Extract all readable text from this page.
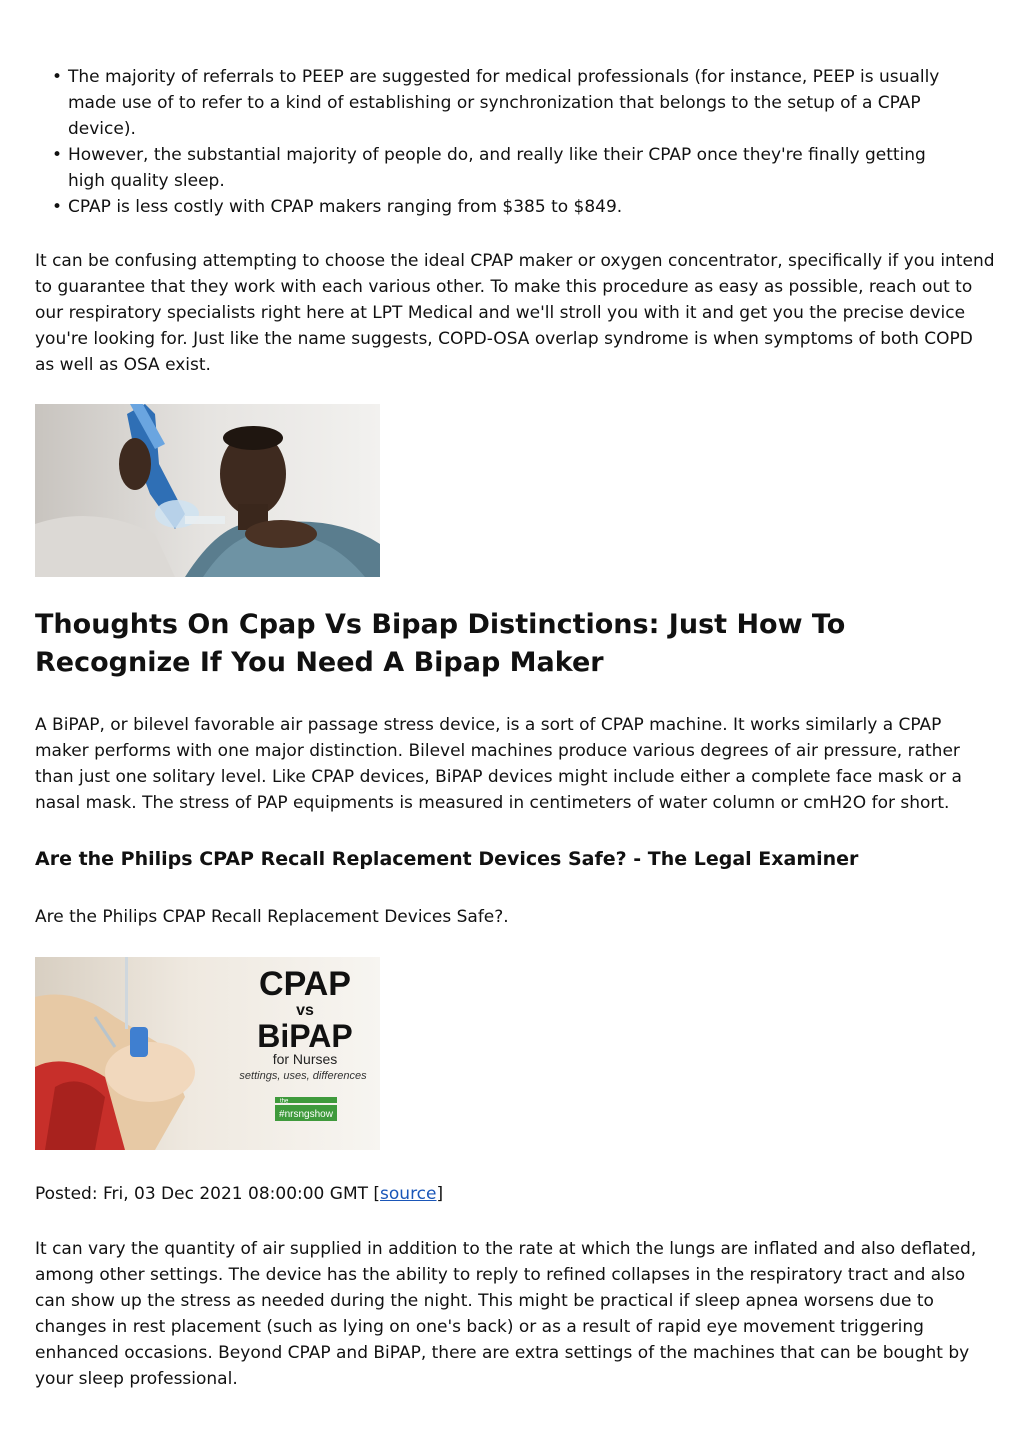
• The majority of referrals to PEEP are suggested for medical professionals (for instance, PEEP is usually made use of to refer to a kind of establishing or synchronization that belongs to the setup of a CPAP device).
• However, the substantial majority of people do, and really like their CPAP once they're finally getting high quality sleep.
• CPAP is less costly with CPAP makers ranging from $385 to $849.

It can be confusing attempting to choose the ideal CPAP maker or oxygen concentrator, specifically if you intend to guarantee that they work with each various other. To make this procedure as easy as possible, reach out to our respiratory specialists right here at LPT Medical and we'll stroll you with it and get you the precise device you're looking for. Just like the name suggests, COPD-OSA overlap syndrome is when symptoms of both COPD as well as OSA exist.

Thoughts On Cpap Vs Bipap Distinctions: Just How To Recognize If You Need A Bipap Maker

A BiPAP, or bilevel favorable air passage stress device, is a sort of CPAP machine. It works similarly a CPAP maker performs with one major distinction. Bilevel machines produce various degrees of air pressure, rather than just one solitary level. Like CPAP devices, BiPAP devices might include either a complete face mask or a nasal mask. The stress of PAP equipments is measured in centimeters of water column or cmH2O for short.

Are the Philips CPAP Recall Replacement Devices Safe? - The Legal Examiner

Are the Philips CPAP Recall Replacement Devices Safe?.

CPAP
vs
BiPAP
for Nurses
settings, uses, differences
the
#nrsngshow

Posted: Fri, 03 Dec 2021 08:00:00 GMT [source]

It can vary the quantity of air supplied in addition to the rate at which the lungs are inflated and also deflated, among other settings. The device has the ability to reply to refined collapses in the respiratory tract and also can show up the stress as needed during the night. This might be practical if sleep apnea worsens due to changes in rest placement (such as lying on one's back) or as a result of rapid eye movement triggering enhanced occasions. Beyond CPAP and BiPAP, there are extra settings of the machines that can be bought by your sleep professional.
